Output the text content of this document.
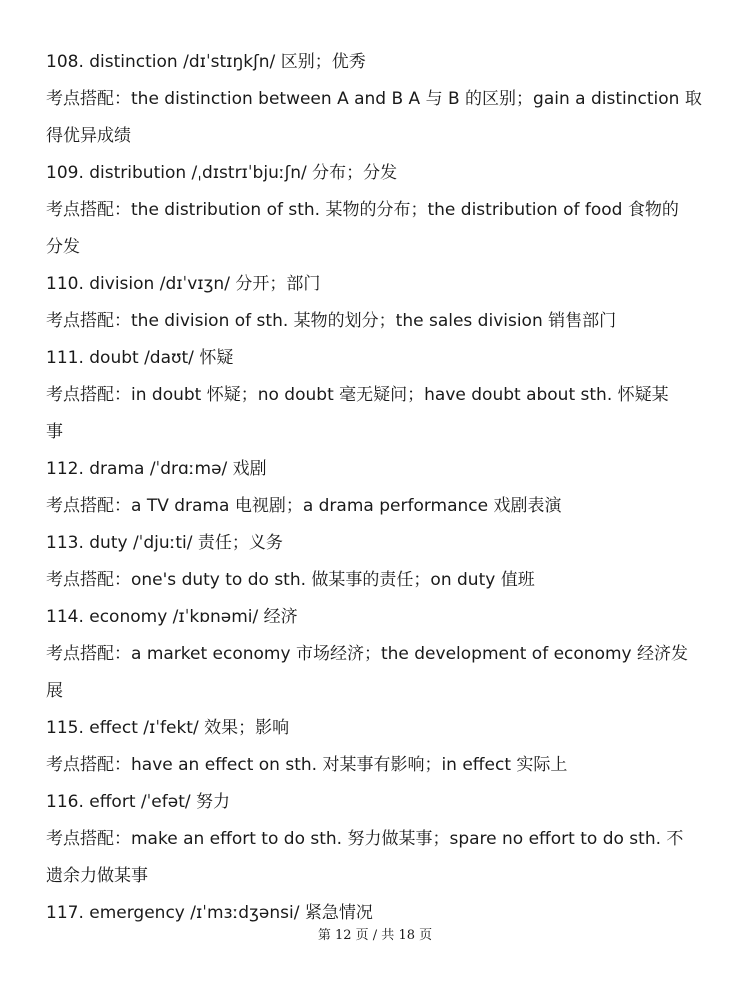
108. distinction /dɪˈstɪŋkʃn/ 区别；优秀
考点搭配：the distinction between A and B A 与 B 的区别；gain a distinction 取
得优异成绩
109. distribution /ˌdɪstrɪˈbjuːʃn/ 分布；分发
考点搭配：the distribution of sth. 某物的分布；the distribution of food 食物的
分发
110. division /dɪˈvɪʒn/ 分开；部门
考点搭配：the division of sth. 某物的划分；the sales division 销售部门
111. doubt /daʊt/ 怀疑
考点搭配：in doubt 怀疑；no doubt 毫无疑问；have doubt about sth. 怀疑某
事
112. drama /ˈdrɑːmə/ 戏剧
考点搭配：a TV drama 电视剧；a drama performance 戏剧表演
113. duty /ˈdjuːti/ 责任；义务
考点搭配：one's duty to do sth. 做某事的责任；on duty 值班
114. economy /ɪˈkɒnəmi/ 经济
考点搭配：a market economy 市场经济；the development of economy 经济发
展
115. effect /ɪˈfekt/ 效果；影响
考点搭配：have an effect on sth. 对某事有影响；in effect 实际上
116. effort /ˈefət/ 努力
考点搭配：make an effort to do sth. 努力做某事；spare no effort to do sth. 不
遗余力做某事
117. emergency /ɪˈmɜːdʒənsi/ 紧急情况
第 12 页 / 共 18 页
